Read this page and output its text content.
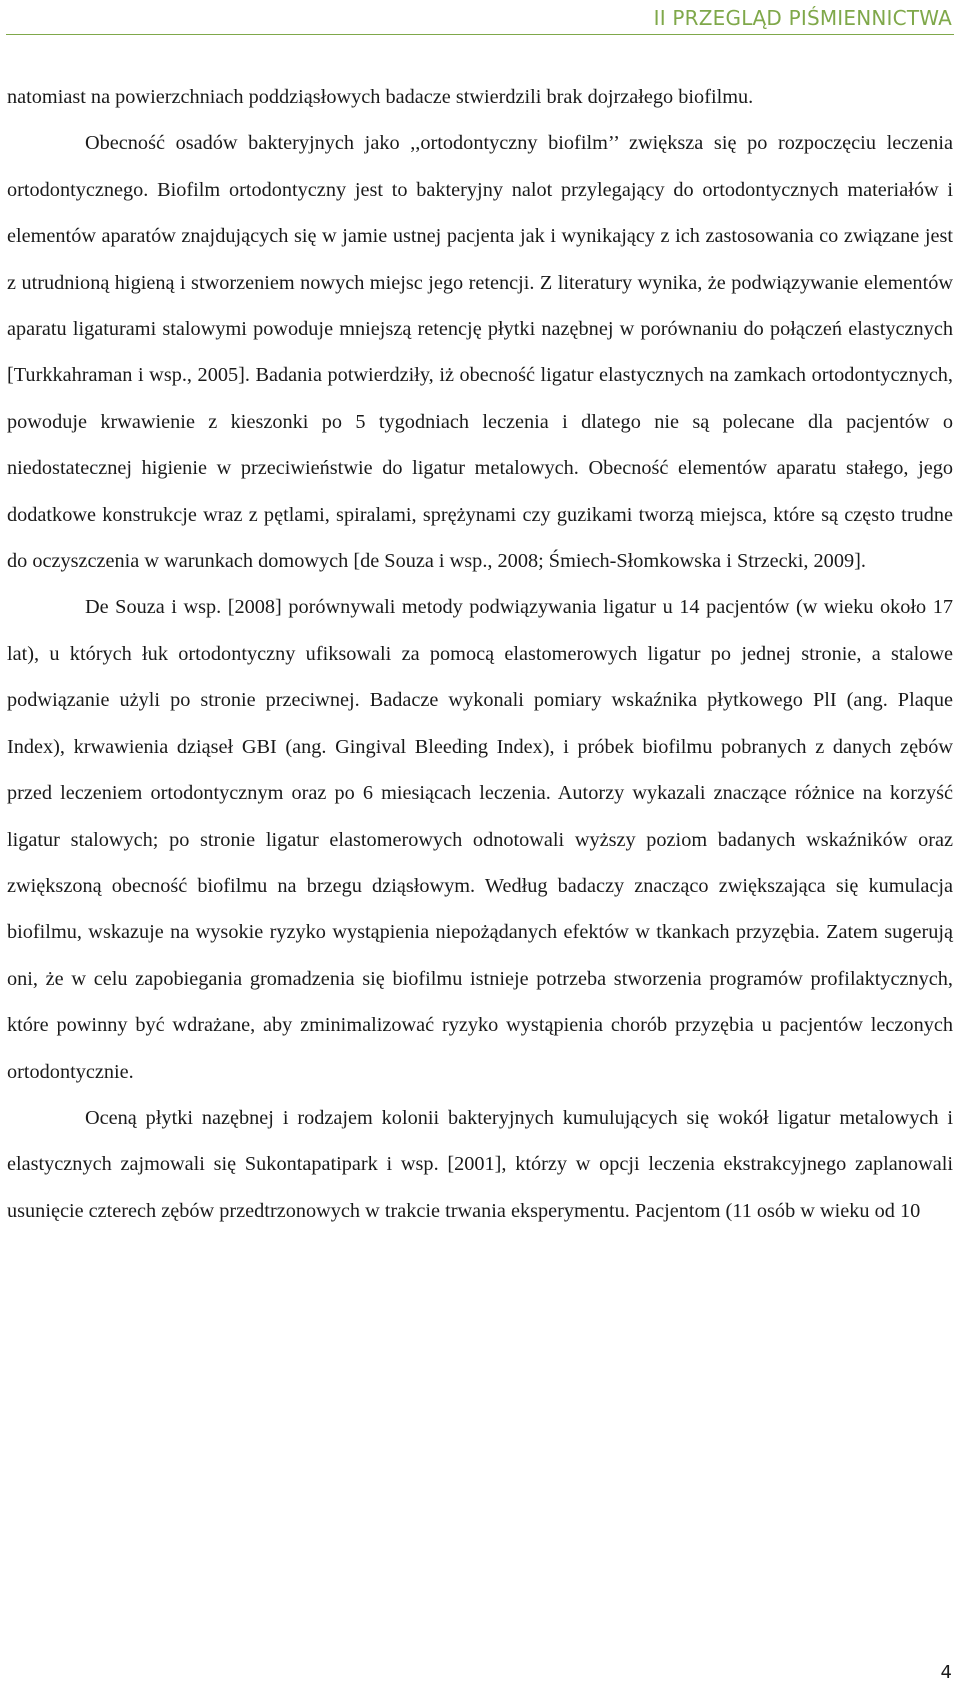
II PRZEGLĄD PIŚMIENNICTWA

natomiast na powierzchniach poddziąsłowych badacze stwierdzili brak dojrzałego biofilmu.

Obecność osadów bakteryjnych jako ,,ortodontyczny biofilm’’ zwiększa się po rozpoczęciu leczenia ortodontycznego. Biofilm ortodontyczny jest to bakteryjny nalot przylegający do ortodontycznych materiałów i elementów aparatów znajdujących się w jamie ustnej pacjenta jak i wynikający z ich zastosowania co związane jest z utrudnioną higieną i stworzeniem nowych miejsc jego retencji. Z literatury wynika, że podwiązywanie elementów aparatu ligaturami stalowymi powoduje mniejszą retencję płytki nazębnej w porównaniu do połączeń elastycznych [Turkkahraman i wsp., 2005]. Badania potwierdziły, iż obecność ligatur elastycznych na zamkach ortodontycznych, powoduje krwawienie z kieszonki po 5 tygodniach leczenia i dlatego nie są polecane dla pacjentów o niedostatecznej higienie w przeciwieństwie do ligatur metalowych. Obecność elementów aparatu stałego, jego dodatkowe konstrukcje wraz z pętlami, spiralami, sprężynami czy guzikami tworzą miejsca, które są często trudne do oczyszczenia w warunkach domowych [de Souza i wsp., 2008; Śmiech-Słomkowska i Strzecki, 2009].

De Souza i wsp. [2008] porównywali metody podwiązywania ligatur u 14 pacjentów (w wieku około 17 lat), u których łuk ortodontyczny ufiksowali za pomocą elastomerowych ligatur po jednej stronie, a stalowe podwiązanie użyli po stronie przeciwnej. Badacze wykonali pomiary wskaźnika płytkowego PlI (ang. Plaque Index), krwawienia dziąseł GBI (ang. Gingival Bleeding Index), i próbek biofilmu pobranych z danych zębów przed leczeniem ortodontycznym oraz po 6 miesiącach leczenia. Autorzy wykazali znaczące różnice na korzyść ligatur stalowych; po stronie ligatur elastomerowych odnotowali wyższy poziom badanych wskaźników oraz zwiększoną obecność biofilmu na brzegu dziąsłowym. Według badaczy znacząco zwiększająca się kumulacja biofilmu, wskazuje na wysokie ryzyko wystąpienia niepożądanych efektów w tkankach przyzębia. Zatem sugerują oni, że w celu zapobiegania gromadzenia się biofilmu istnieje potrzeba stworzenia programów profilaktycznych, które powinny być wdrażane, aby zminimalizować ryzyko wystąpienia chorób przyzębia u pacjentów leczonych ortodontycznie.

Oceną płytki nazębnej i rodzajem kolonii bakteryjnych kumulujących się wokół ligatur metalowych i elastycznych zajmowali się Sukontapatipark i wsp. [2001], którzy w opcji leczenia ekstrakcyjnego zaplanowali usunięcie czterech zębów przedtrzonowych w trakcie trwania eksperymentu. Pacjentom (11 osób w wieku od 10

4
